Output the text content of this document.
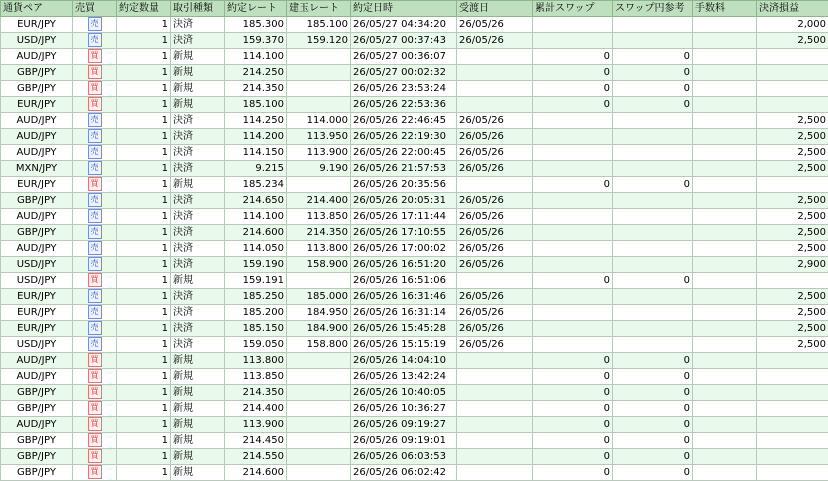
通貨ペア	売買	約定数量	取引種類	約定レート	建玉レート	約定日時	受渡日	累計スワップ	スワップ円参考	手数料	決済損益
EUR/JPY	売	1	決済	185.300	185.100	26/05/27 04:34:20	26/05/26				2,000
USD/JPY	売	1	決済	159.370	159.120	26/05/27 00:37:43	26/05/26				2,500
AUD/JPY	買	1	新規	114.100		26/05/27 00:36:07		0	0		
GBP/JPY	買	1	新規	214.250		26/05/27 00:02:32		0	0		
GBP/JPY	買	1	新規	214.350		26/05/26 23:53:24		0	0		
EUR/JPY	買	1	新規	185.100		26/05/26 22:53:36		0	0		
AUD/JPY	売	1	決済	114.250	114.000	26/05/26 22:46:45	26/05/26				2,500
AUD/JPY	売	1	決済	114.200	113.950	26/05/26 22:19:30	26/05/26				2,500
AUD/JPY	売	1	決済	114.150	113.900	26/05/26 22:00:45	26/05/26				2,500
MXN/JPY	売	1	決済	9.215	9.190	26/05/26 21:57:53	26/05/26				2,500
EUR/JPY	買	1	新規	185.234		26/05/26 20:35:56		0	0		
GBP/JPY	売	1	決済	214.650	214.400	26/05/26 20:05:31	26/05/26				2,500
AUD/JPY	売	1	決済	114.100	113.850	26/05/26 17:11:44	26/05/26				2,500
GBP/JPY	売	1	決済	214.600	214.350	26/05/26 17:10:55	26/05/26				2,500
AUD/JPY	売	1	決済	114.050	113.800	26/05/26 17:00:02	26/05/26				2,500
USD/JPY	売	1	決済	159.190	158.900	26/05/26 16:51:20	26/05/26				2,900
USD/JPY	買	1	新規	159.191		26/05/26 16:51:06		0	0		
EUR/JPY	売	1	決済	185.250	185.000	26/05/26 16:31:46	26/05/26				2,500
EUR/JPY	売	1	決済	185.200	184.950	26/05/26 16:31:14	26/05/26				2,500
EUR/JPY	売	1	決済	185.150	184.900	26/05/26 15:45:28	26/05/26				2,500
USD/JPY	売	1	決済	159.050	158.800	26/05/26 15:15:19	26/05/26				2,500
AUD/JPY	買	1	新規	113.800		26/05/26 14:04:10		0	0		
AUD/JPY	買	1	新規	113.850		26/05/26 13:42:24		0	0		
GBP/JPY	買	1	新規	214.350		26/05/26 10:40:05		0	0		
GBP/JPY	買	1	新規	214.400		26/05/26 10:36:27		0	0		
AUD/JPY	買	1	新規	113.900		26/05/26 09:19:27		0	0		
GBP/JPY	買	1	新規	214.450		26/05/26 09:19:01		0	0		
GBP/JPY	買	1	新規	214.550		26/05/26 06:03:53		0	0		
GBP/JPY	買	1	新規	214.600		26/05/26 06:02:42		0	0		
